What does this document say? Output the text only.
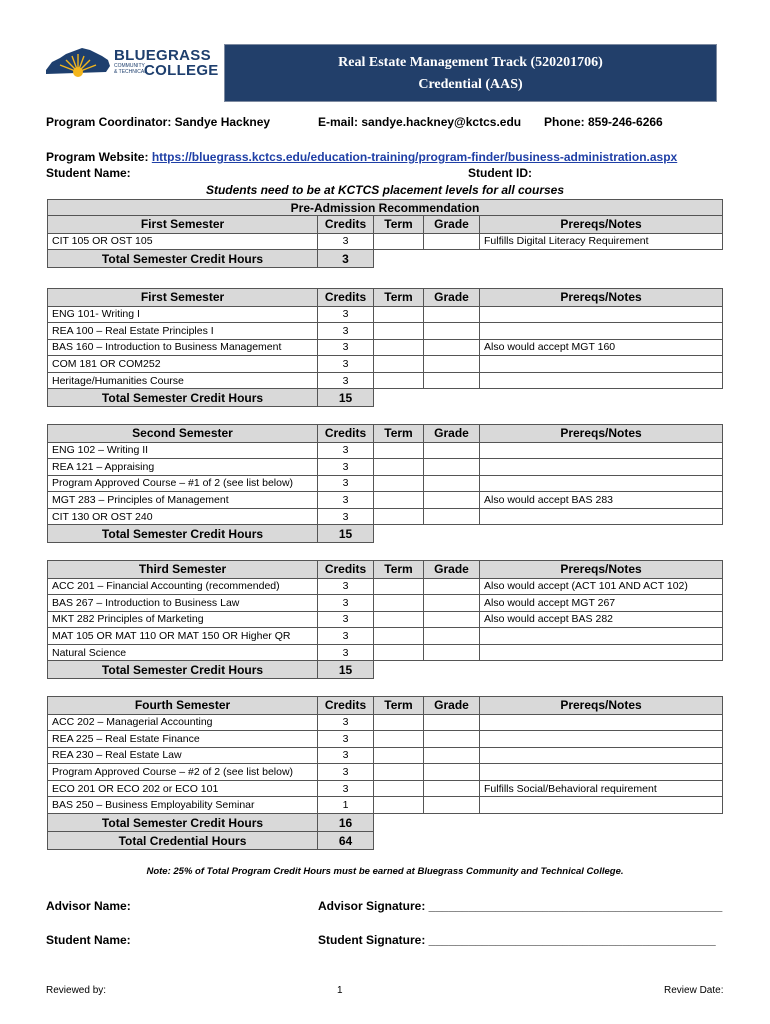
BLUEGRASS
COMMUNITY
& TECHNICAL
COLLEGE	Real Estate Management Track (520201706)
Credential (AAS)
Program Coordinator: Sandye Hackney	E-mail: sandye.hackney@kctcs.edu Phone: 859-246-6266
Program Website: https://bluegrass.kctcs.edu/education-training/program-finder/business-administration.aspx
Student Name:	Student ID:
Students need to be at KCTCS placement levels for all courses
Pre-Admission Recommendation				
First Semester	Credits	Term	Grade	Prereqs/Notes
CIT 105 OR OST 105	3			Fulfills Digital Literacy Requirement
Total Semester Credit Hours	3			
First Semester	Credits	Term	Grade	Prereqs/Notes
ENG 101- Writing I	3			
REA 100 – Real Estate Principles I	3			
BAS 160 – Introduction to Business Management	3			Also would accept MGT 160
COM 181 OR COM252	3			
Heritage/Humanities Course	3			
Total Semester Credit Hours	15			
Second Semester	Credits	Term	Grade	Prereqs/Notes
ENG 102 – Writing II	3			
REA 121 – Appraising	3			
Program Approved Course – #1 of 2 (see list below)	3			
MGT 283 – Principles of Management	3			Also would accept BAS 283
CIT 130 OR OST 240	3			
Total Semester Credit Hours	15			
Third Semester	Credits	Term	Grade	Prereqs/Notes
ACC 201 – Financial Accounting (recommended)	3			Also would accept (ACT 101 AND ACT 102)
BAS 267 – Introduction to Business Law	3			Also would accept MGT 267
MKT 282 Principles of Marketing	3			Also would accept BAS 282
MAT 105 OR MAT 110 OR MAT 150 OR Higher QR	3			
Natural Science	3			
Total Semester Credit Hours	15			
Fourth Semester	Credits	Term	Grade	Prereqs/Notes
ACC 202 – Managerial Accounting	3			
REA 225 – Real Estate Finance	3			
REA 230 – Real Estate Law	3			
Program Approved Course – #2 of 2 (see list below)	3			
ECO 201 OR ECO 202 or ECO 101	3			Fulfills Social/Behavioral requirement
BAS 250 – Business Employability Seminar	1			
Total Semester Credit Hours	16			
Total Credential Hours	64			
Note: 25% of Total Program Credit Hours must be earned at Bluegrass Community and Technical College.
Advisor Name:	Advisor Signature: ____________________________________________
Student Name:	Student Signature: ___________________________________________
Reviewed by:	1	Review Date:
